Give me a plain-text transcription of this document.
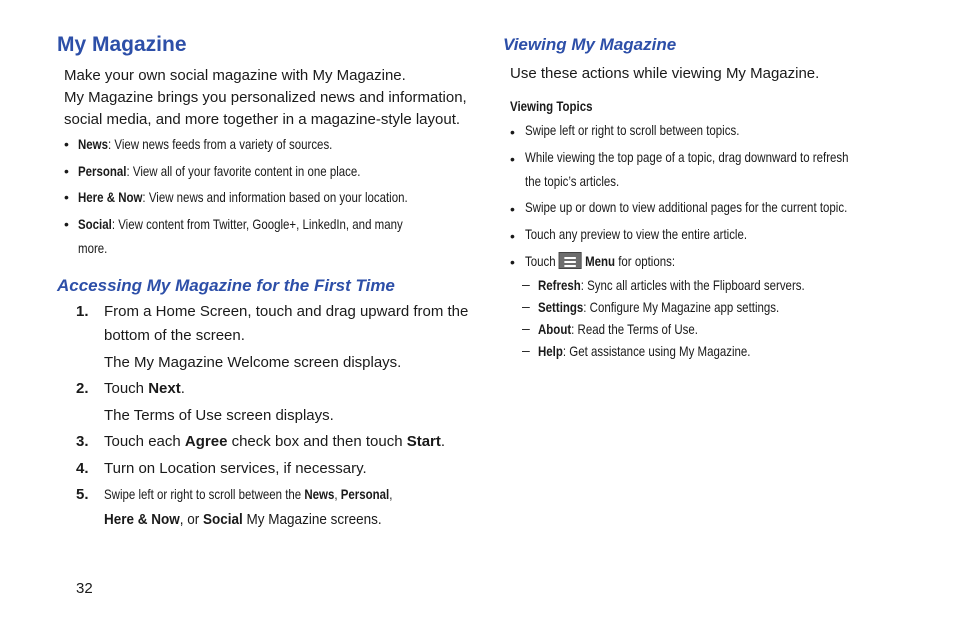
My Magazine

Make your own social magazine with My Magazine.

My Magazine brings you personalized news and information,

social media, and more together in a magazine-style layout.

• News: View news feeds from a variety of sources.
• Personal: View all of your favorite content in one place.
• Here & Now: View news and information based on your location.
• Social: View content from Twitter, Google+, LinkedIn, and many
more.
Accessing My Magazine for the First Time
1. From a Home Screen, touch and drag upward from the

bottom of the screen.

The My Magazine Welcome screen displays.

2. Touch Next.

The Terms of Use screen displays.

3. Touch each Agree check box and then touch Start.

4. Turn on Location services, if necessary.

5. Swipe left or right to scroll between the News, Personal,
Here & Now, or Social My Magazine screens.
32
Viewing My Magazine

Use these actions while viewing My Magazine.

Viewing Topics
• Swipe left or right to scroll between topics.
• While viewing the top page of a topic, drag downward to refresh
the topic’s articles.
• Swipe up or down to view additional pages for the current topic.
• Touch any preview to view the entire article.
• Touch
Menu for options:
– Refresh: Sync all articles with the Flipboard servers.
– Settings: Configure My Magazine app settings.
– About: Read the Terms of Use.
– Help: Get assistance using My Magazine.
